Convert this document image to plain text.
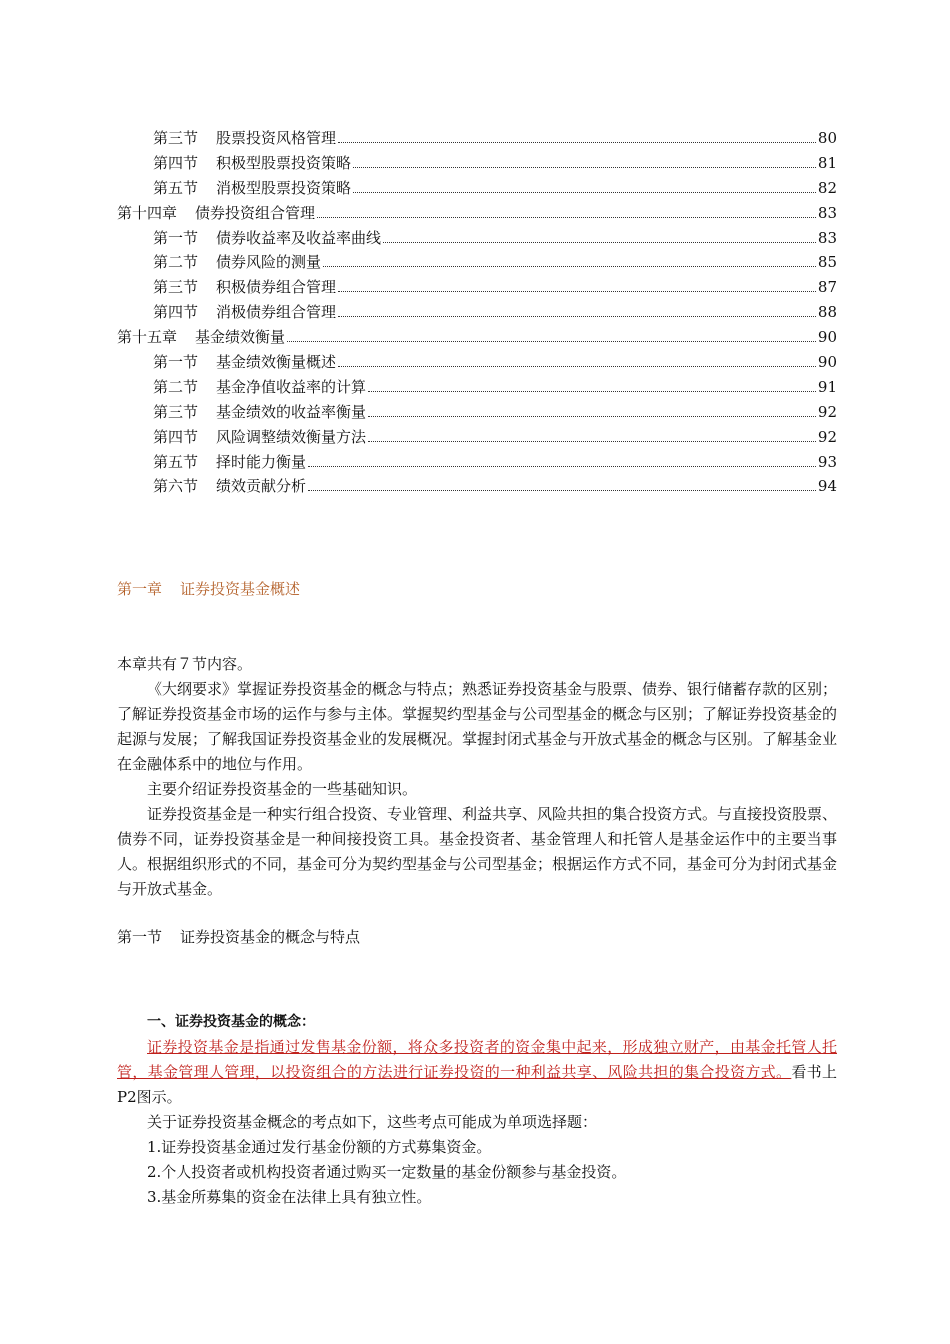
第三节 股票投资风格管理	80
第四节 积极型股票投资策略	81
第五节 消极型股票投资策略	82
第十四章 债券投资组合管理	83
第一节 债券收益率及收益率曲线	83
第二节 债券风险的测量	85
第三节 积极债券组合管理	87
第四节 消极债券组合管理	88
第十五章 基金绩效衡量	90
第一节 基金绩效衡量概述	90
第二节 基金净值收益率的计算	91
第三节 基金绩效的收益率衡量	92
第四节 风险调整绩效衡量方法	92
第五节 择时能力衡量	93
第六节 绩效贡献分析	94
第一章 证券投资基金概述

本章共有７节内容。

《大纲要求》掌握证券投资基金的概念与特点；熟悉证券投资基金与股票、债券、银行储蓄存款的区别；了解证券投资基金市场的运作与参与主体。掌握契约型基金与公司型基金的概念与区别；了解证券投资基金的起源与发展；了解我国证券投资基金业的发展概况。掌握封闭式基金与开放式基金的概念与区别。了解基金业在金融体系中的地位与作用。

主要介绍证券投资基金的一些基础知识。

证券投资基金是一种实行组合投资、专业管理、利益共享、风险共担的集合投资方式。与直接投资股票、债券不同，证券投资基金是一种间接投资工具。基金投资者、基金管理人和托管人是基金运作中的主要当事人。根据组织形式的不同，基金可分为契约型基金与公司型基金；根据运作方式不同，基金可分为封闭式基金与开放式基金。

第一节 证券投资基金的概念与特点

一、证券投资基金的概念：

证券投资基金是指通过发售基金份额，将众多投资者的资金集中起来，形成独立财产，由基金托管人托管，基金管理人管理，以投资组合的方法进行证券投资的一种利益共享、风险共担的集合投资方式。看书上P2图示。

关于证券投资基金概念的考点如下，这些考点可能成为单项选择题：

1.证券投资基金通过发行基金份额的方式募集资金。

2.个人投资者或机构投资者通过购买一定数量的基金份额参与基金投资。

3.基金所募集的资金在法律上具有独立性。
